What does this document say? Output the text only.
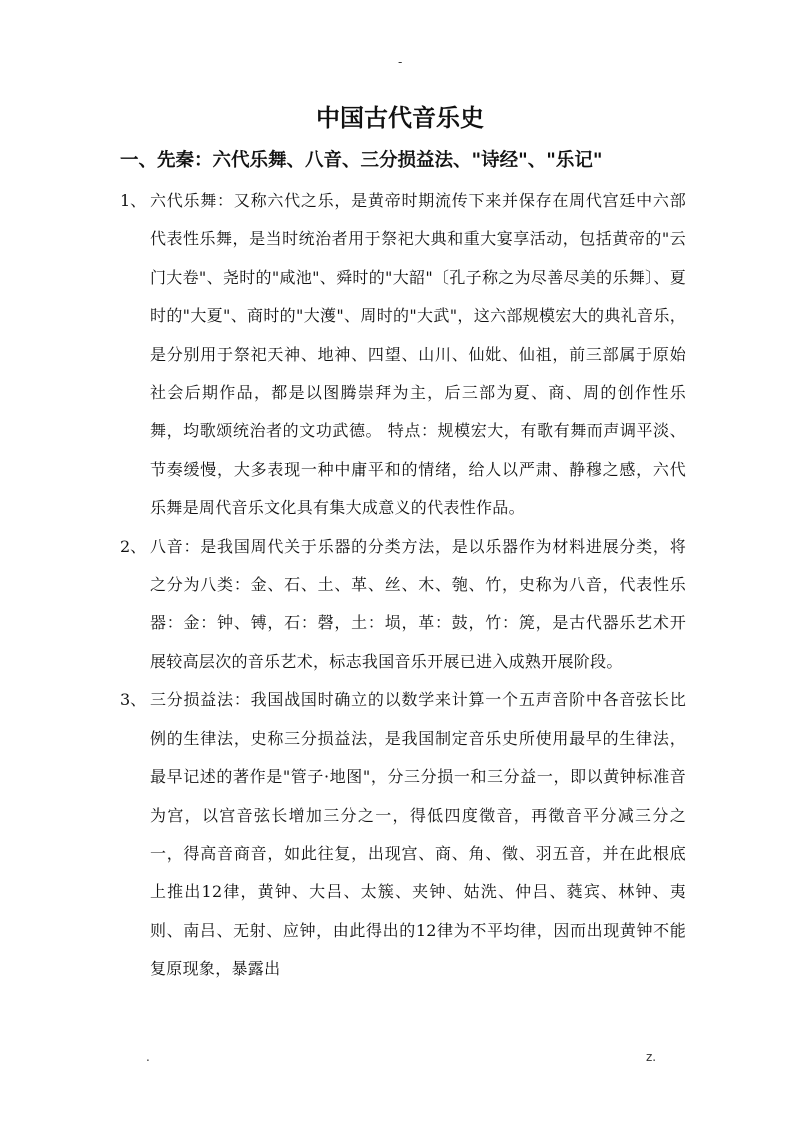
-
中国古代音乐史
一、先秦：六代乐舞、八音、三分损益法、"诗经"、"乐记"
1、 六代乐舞：又称六代之乐，是黄帝时期流传下来并保存在周代宫廷中六部代表性乐舞，是当时统治者用于祭祀大典和重大宴享活动，包括黄帝的"云门大卷"、尧时的"咸池"、舜时的"大韶"〔孔子称之为尽善尽美的乐舞〕、夏时的"大夏"、商时的"大濩"、周时的"大武"，这六部规模宏大的典礼音乐，是分别用于祭祀天神、地神、四望、山川、仙妣、仙祖，前三部属于原始社会后期作品，都是以图腾崇拜为主，后三部为夏、商、周的创作性乐舞，均歌颂统治者的文功武德。 特点：规模宏大，有歌有舞而声调平淡、节奏缓慢，大多表现一种中庸平和的情绪，给人以严肃、静穆之感，六代乐舞是周代音乐文化具有集大成意义的代表性作品。
2、 八音：是我国周代关于乐器的分类方法，是以乐器作为材料进展分类，将之分为八类：金、石、土、革、丝、木、匏、竹，史称为八音，代表性乐器：金：钟、镈，石：磬，土：埙，革：鼓，竹：箎，是古代器乐艺术开展较高层次的音乐艺术，标志我国音乐开展已进入成熟开展阶段。
3、 三分损益法：我国战国时确立的以数学来计算一个五声音阶中各音弦长比例的生律法，史称三分损益法，是我国制定音乐史所使用最早的生律法，最早记述的著作是"管子·地图"，分三分损一和三分益一，即以黄钟标准音为宫，以宫音弦长增加三分之一，得低四度徵音，再徵音平分减三分之一，得高音商音，如此往复，出现宫、商、角、徵、羽五音，并在此根底上推出12律，黄钟、大吕、太簇、夹钟、姑洗、仲吕、蕤宾、林钟、夷则、南吕、无射、应钟，由此得出的12律为不平均律，因而出现黄钟不能复原现象，暴露出
.	z.
